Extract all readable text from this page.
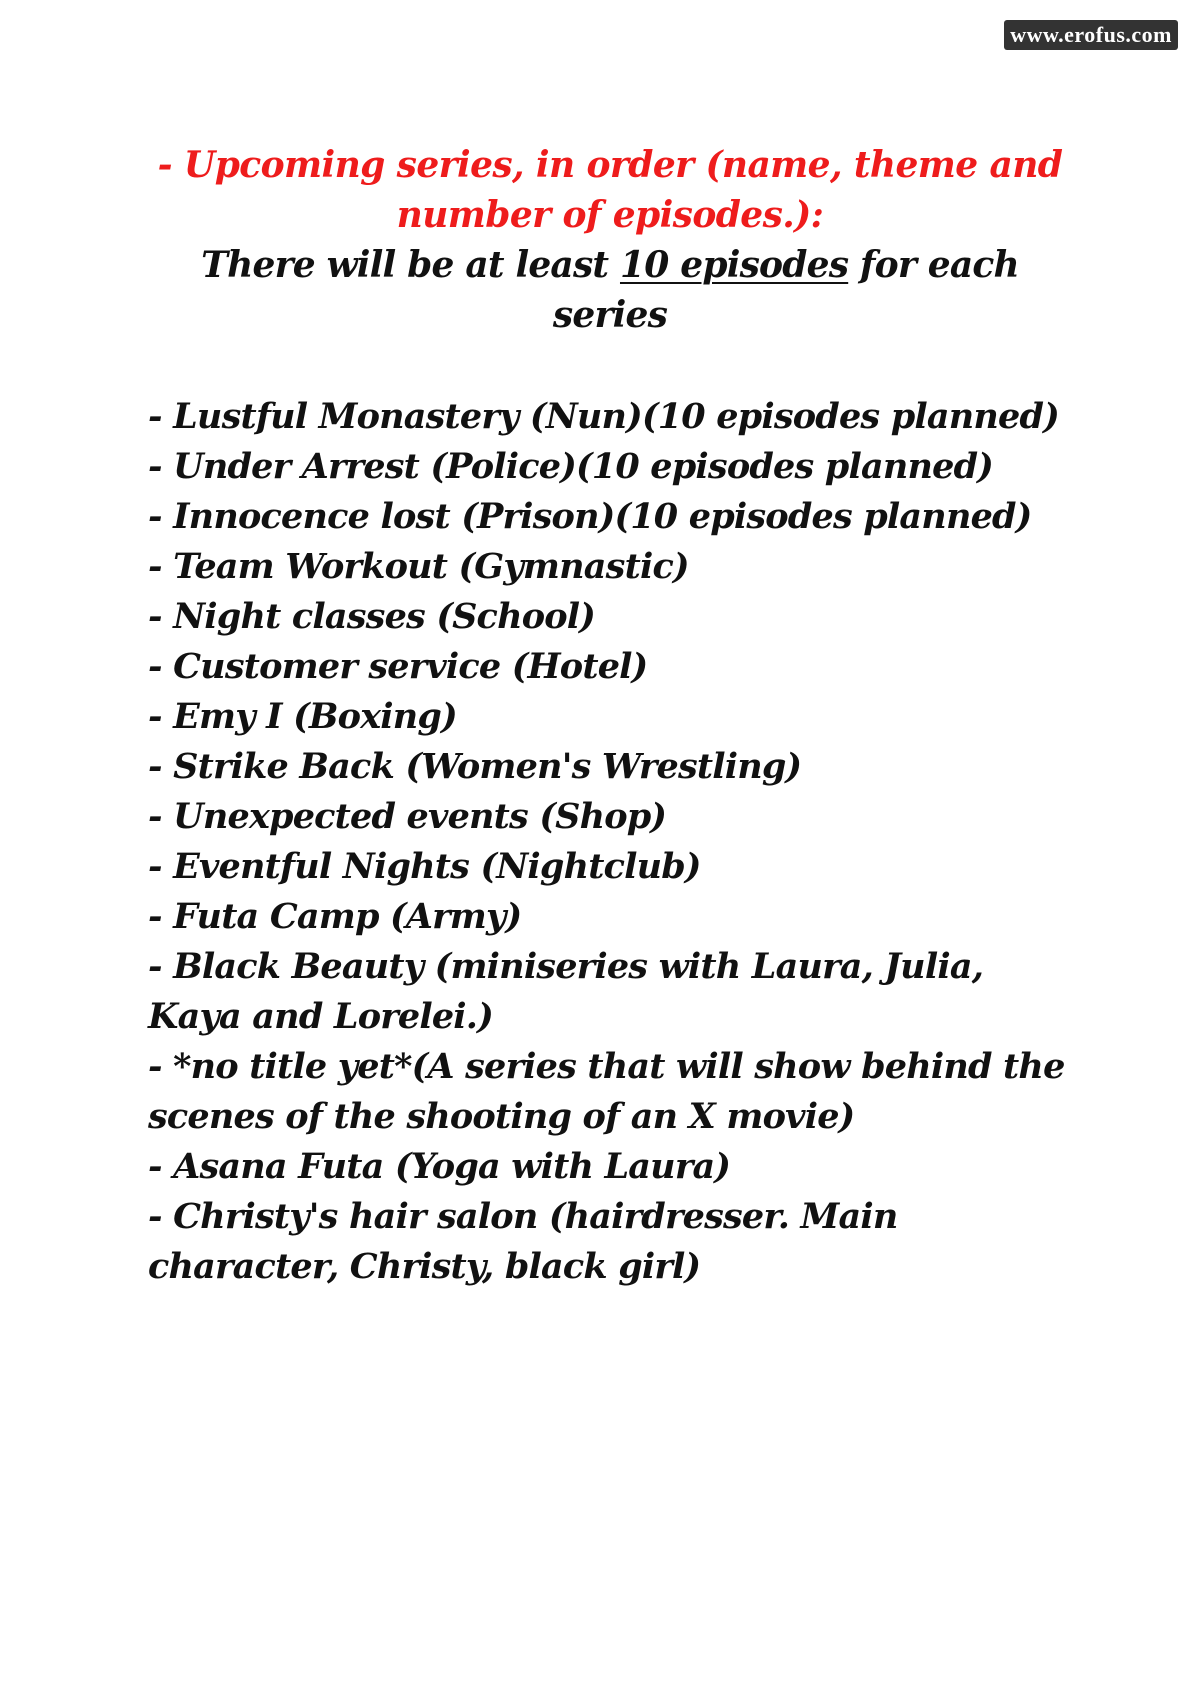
www.erofus.com

- Upcoming series, in order (name, theme and number of episodes.):

There will be at least 10 episodes for each series

- Lustful Monastery (Nun)(10 episodes planned)
- Under Arrest (Police)(10 episodes planned)
- Innocence lost (Prison)(10 episodes planned)
- Team Workout (Gymnastic)
- Night classes (School)
- Customer service (Hotel)
- Emy I (Boxing)
- Strike Back (Women's Wrestling)
- Unexpected events (Shop)
- Eventful Nights (Nightclub)
- Futa Camp (Army)
- Black Beauty (miniseries with Laura, Julia, Kaya and Lorelei.)
- *no title yet*(A series that will show behind the scenes of the shooting of an X movie)
- Asana Futa (Yoga with Laura)
- Christy's hair salon (hairdresser. Main character, Christy, black girl)
